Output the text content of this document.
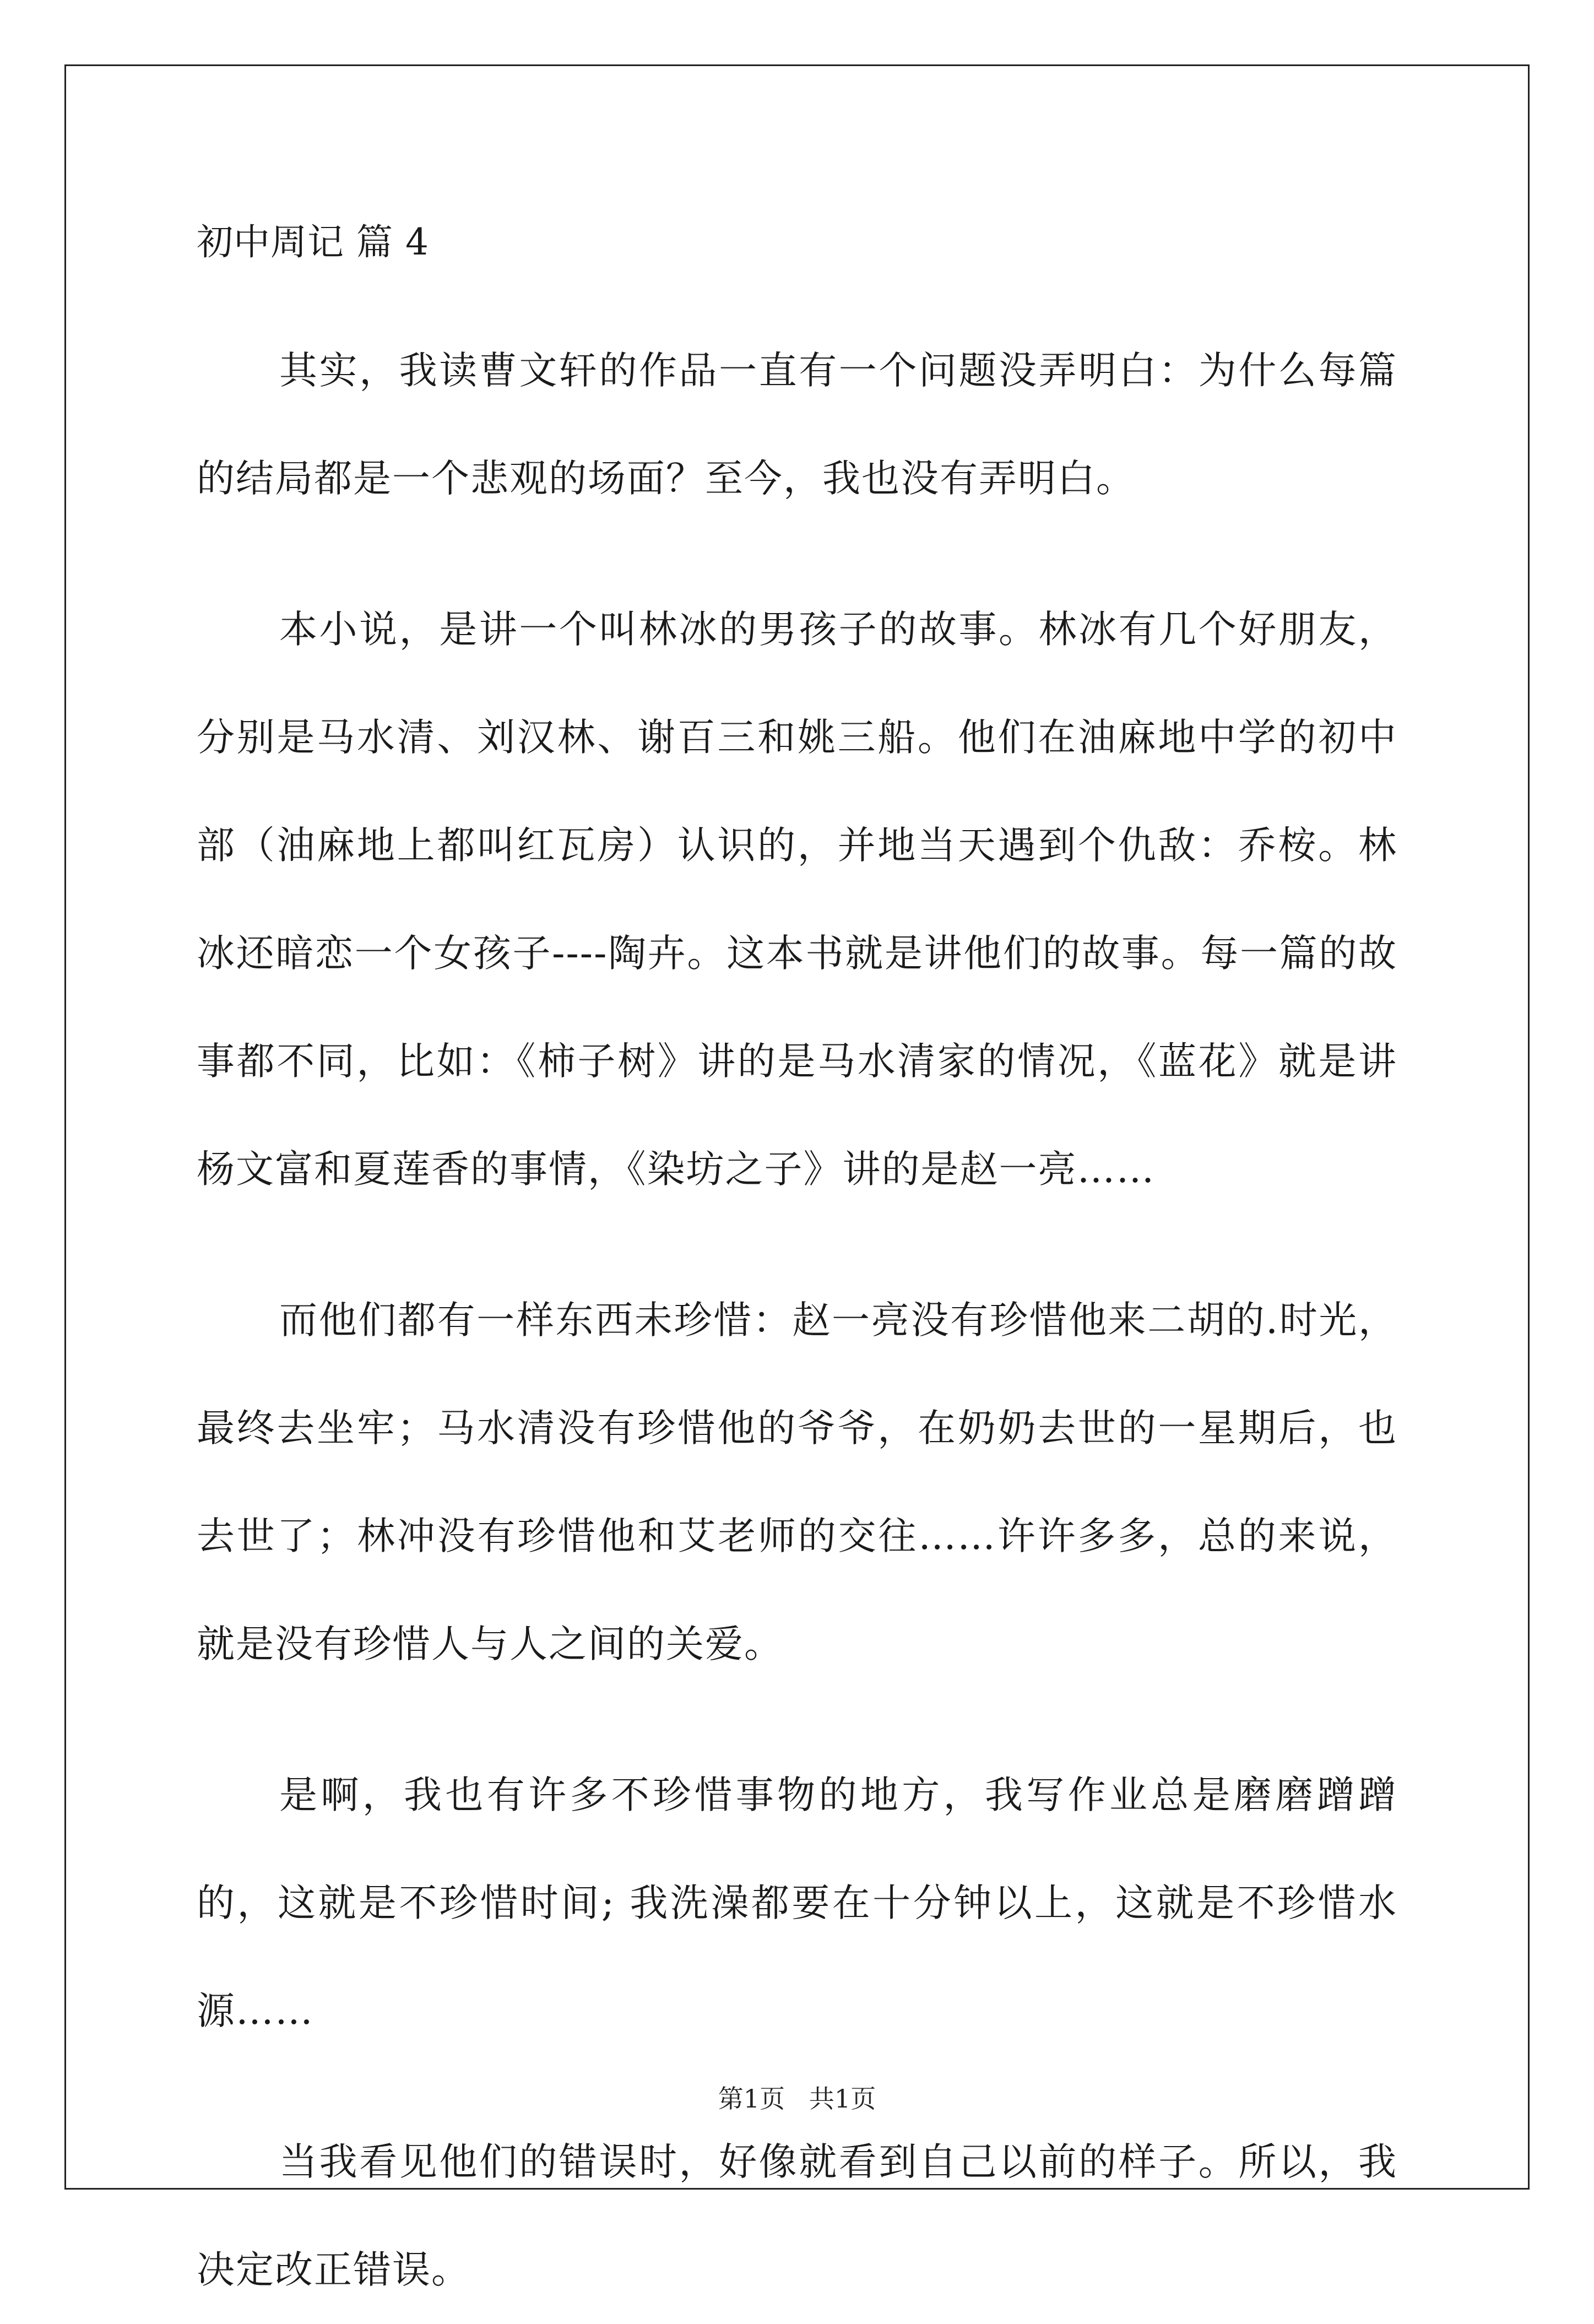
初中周记 篇 4

其实，我读曹文轩的作品一直有一个问题没弄明白：为什么每篇的结局都是一个悲观的场面？至今，我也没有弄明白。

本小说，是讲一个叫林冰的男孩子的故事。林冰有几个好朋友，分别是马水清、刘汉林、谢百三和姚三船。他们在油麻地中学的初中部（油麻地上都叫红瓦房）认识的，并地当天遇到个仇敌：乔桉。林冰还暗恋一个女孩子----陶卉。这本书就是讲他们的故事。每一篇的故事都不同，比如：《柿子树》讲的是马水清家的情况，《蓝花》就是讲杨文富和夏莲香的事情，《染坊之子》讲的是赵一亮……

而他们都有一样东西未珍惜：赵一亮没有珍惜他来二胡的.时光，最终去坐牢；马水清没有珍惜他的爷爷，在奶奶去世的一星期后，也去世了；林冲没有珍惜他和艾老师的交往……许许多多，总的来说，就是没有珍惜人与人之间的关爱。

是啊，我也有许多不珍惜事物的地方，我写作业总是磨磨蹭蹭的，这就是不珍惜时间; 我洗澡都要在十分钟以上，这就是不珍惜水源……

当我看见他们的错误时，好像就看到自己以前的样子。所以，我决定改正错误。

第1页   共1页
